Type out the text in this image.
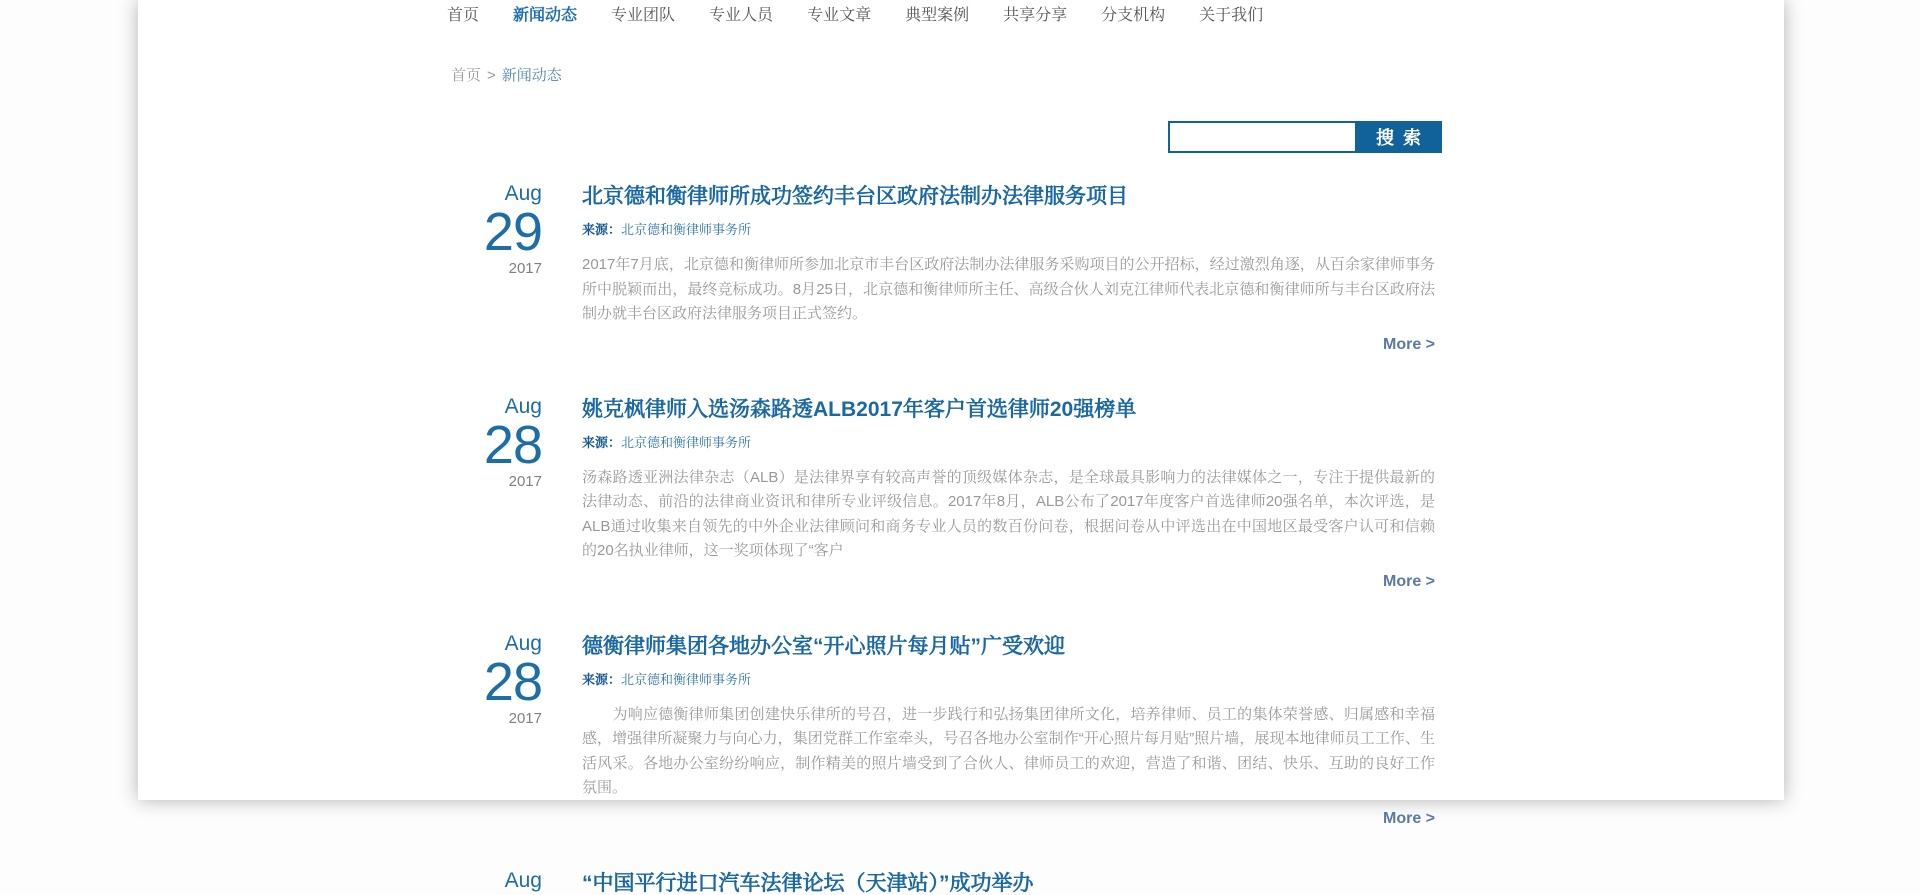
首页 新闻动态 专业团队 专业人员 专业文章 典型案例 共享分享 分支机构 关于我们
首页 > 新闻动态
搜 索
Aug
29
2017
北京德和衡律师所成功签约丰台区政府法制办法律服务项目
来源：北京德和衡律师事务所

2017年7月底，北京德和衡律师所参加北京市丰台区政府法制办法律服务采购项目的公开招标，经过激烈角逐，从百余家律师事务所中脱颖而出，最终竞标成功。8月25日，北京德和衡律师所主任、高级合伙人刘克江律师代表北京德和衡律师所与丰台区政府法制办就丰台区政府法律服务项目正式签约。

More >
Aug
28
2017
姚克枫律师入选汤森路透ALB2017年客户首选律师20强榜单
来源：北京德和衡律师事务所

汤森路透亚洲法律杂志（ALB）是法律界享有较高声誉的顶级媒体杂志，是全球最具影响力的法律媒体之一，专注于提供最新的法律动态、前沿的法律商业资讯和律所专业评级信息。2017年8月，ALB公布了2017年度客户首选律师20强名单，本次评选，是ALB通过收集来自领先的中外企业法律顾问和商务专业人员的数百份问卷，根据问卷从中评选出在中国地区最受客户认可和信赖的20名执业律师，这一奖项体现了“客户

More >
Aug
28
2017
德衡律师集团各地办公室“开心照片每月贴”广受欢迎
来源：北京德和衡律师事务所

　　为响应德衡律师集团创建快乐律所的号召，进一步践行和弘扬集团律所文化，培养律师、员工的集体荣誉感、归属感和幸福感，增强律所凝聚力与向心力，集团党群工作室牵头，号召各地办公室制作“开心照片每月贴”照片墙，展现本地律师员工工作、生活风采。各地办公室纷纷响应，制作精美的照片墙受到了合伙人、律师员工的欢迎，营造了和谐、团结、快乐、互助的良好工作氛围。

More >
Aug “中国平行进口汽车法律论坛（天津站）”成功举办
